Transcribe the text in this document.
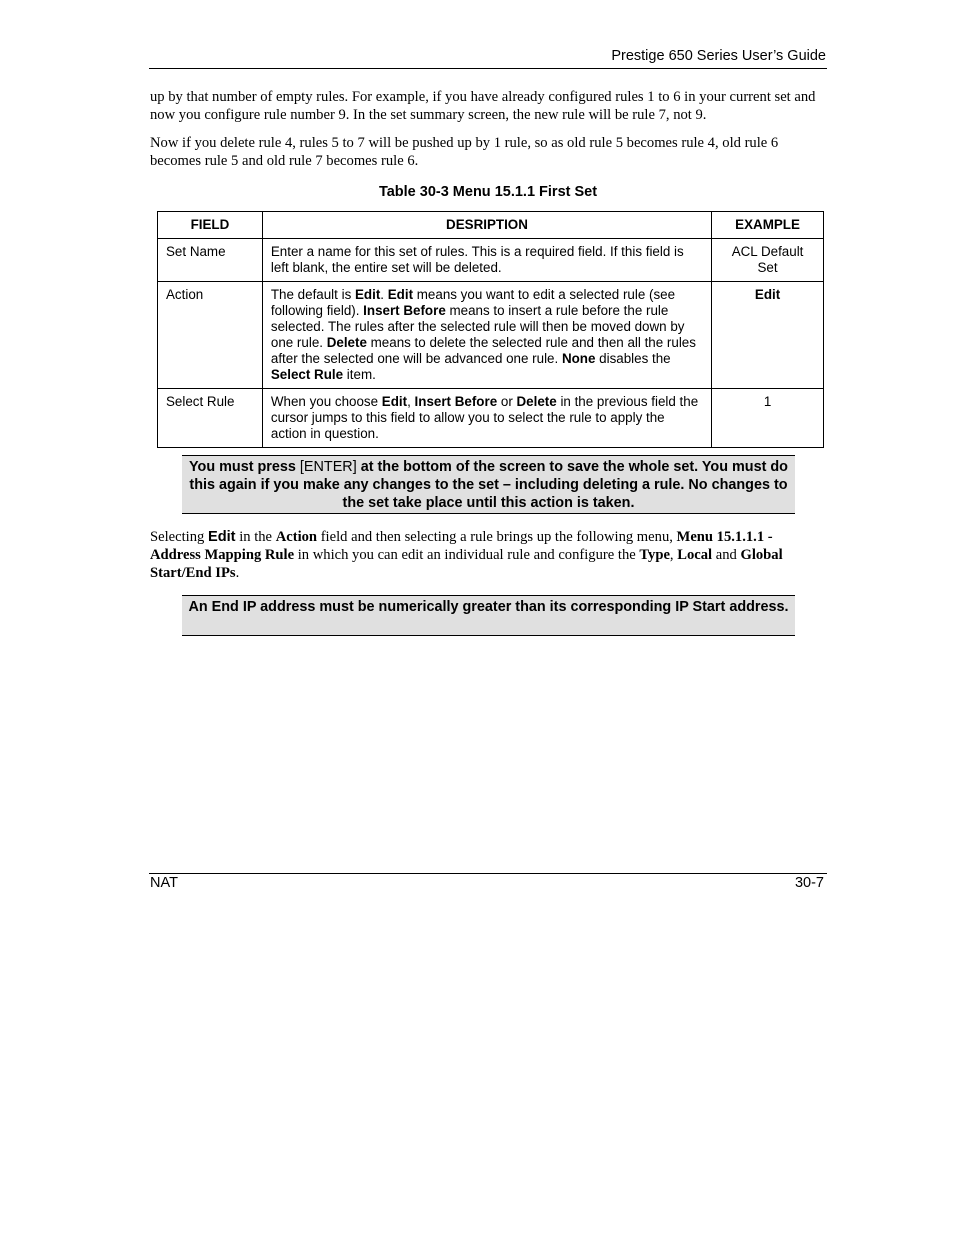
Prestige 650 Series User’s Guide

up by that number of empty rules. For example, if you have already configured rules 1 to 6 in your current set and now you configure rule number 9. In the set summary screen, the new rule will be rule 7, not 9.

Now if you delete rule 4, rules 5 to 7 will be pushed up by 1 rule, so as old rule 5 becomes rule 4, old rule 6 becomes rule 5 and old rule 7 becomes rule 6.

Table 30-3 Menu 15.1.1 First Set
FIELD	DESRIPTION	EXAMPLE
Set Name	Enter a name for this set of rules. This is a required field. If this field is left blank, the entire set will be deleted.	ACL Default Set
Action	The default is Edit. Edit means you want to edit a selected rule (see following field). Insert Before means to insert a rule before the rule selected. The rules after the selected rule will then be moved down by one rule. Delete means to delete the selected rule and then all the rules after the selected one will be advanced one rule. None disables the Select Rule item.	Edit
Select Rule	When you choose Edit, Insert Before or Delete in the previous field the cursor jumps to this field to allow you to select the rule to apply the action in question.	1
You must press [ENTER] at the bottom of the screen to save the whole set. You must do this again if you make any changes to the set – including deleting a rule. No changes to the set take place until this action is taken.

Selecting Edit in the Action field and then selecting a rule brings up the following menu, Menu 15.1.1.1 - Address Mapping Rule in which you can edit an individual rule and configure the Type, Local and Global Start/End IPs.

An End IP address must be numerically greater than its corresponding IP Start address.
NAT	30-7
